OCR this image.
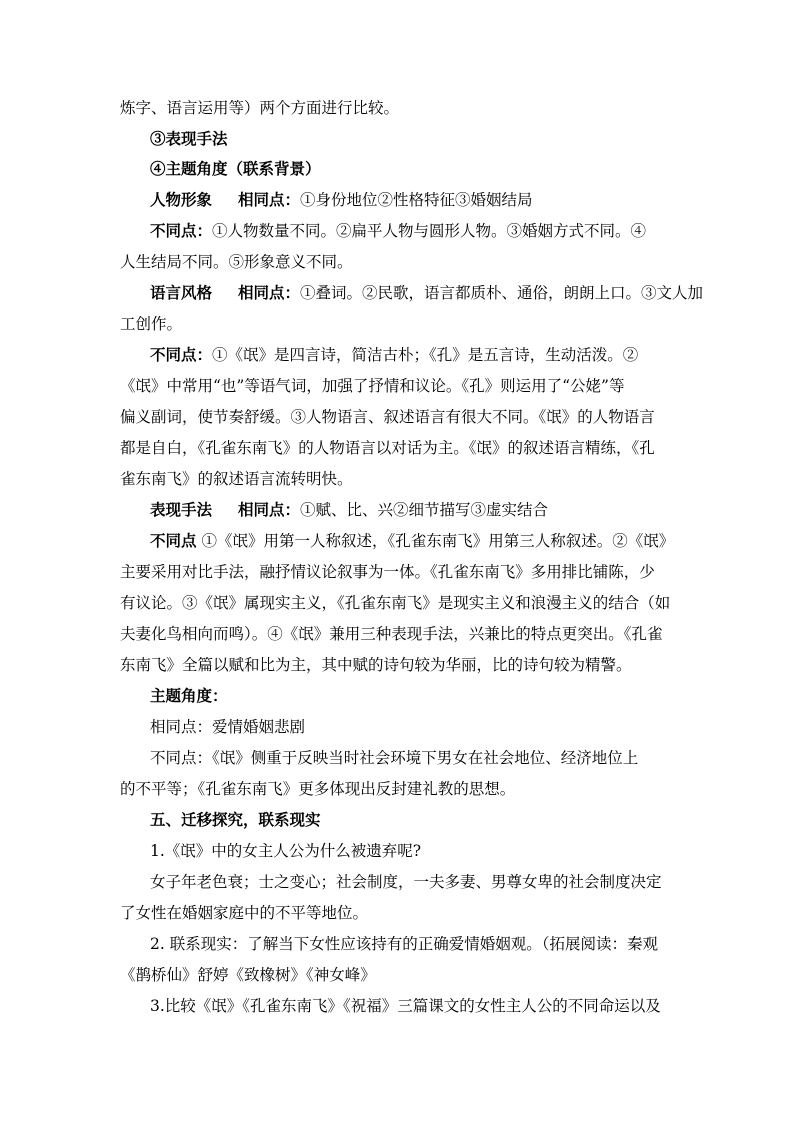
炼字、语言运用等）两个方面进行比较。
③表现手法
④主题角度（联系背景）
人物形象 相同点：①身份地位②性格特征③婚姻结局
不同点：①人物数量不同。②扁平人物与圆形人物。③婚姻方式不同。④
人生结局不同。⑤形象意义不同。
语言风格 相同点：①叠词。②民歌，语言都质朴、通俗，朗朗上口。③文人加
工创作。
不同点：①《氓》是四言诗，简洁古朴；《孔》是五言诗，生动活泼。②
《氓》中常用“也”等语气词，加强了抒情和议论。《孔》则运用了“公姥”等
偏义副词，使节奏舒缓。③人物语言、叙述语言有很大不同。《氓》的人物语言
都是自白，《孔雀东南飞》的人物语言以对话为主。《氓》的叙述语言精练，《孔
雀东南飞》的叙述语言流转明快。
表现手法 相同点：①赋、比、兴②细节描写③虚实结合
不同点 ①《氓》用第一人称叙述，《孔雀东南飞》用第三人称叙述。②《氓》
主要采用对比手法，融抒情议论叙事为一体。《孔雀东南飞》多用排比铺陈，少
有议论。③《氓》属现实主义，《孔雀东南飞》是现实主义和浪漫主义的结合（如
夫妻化鸟相向而鸣）。④《氓》兼用三种表现手法，兴兼比的特点更突出。《孔雀
东南飞》全篇以赋和比为主，其中赋的诗句较为华丽，比的诗句较为精警。
主题角度：
相同点：爱情婚姻悲剧
不同点：《氓》侧重于反映当时社会环境下男女在社会地位、经济地位上
的不平等；《孔雀东南飞》更多体现出反封建礼教的思想。
五、迁移探究，联系现实
1.《氓》中的女主人公为什么被遗弃呢?
女子年老色衰；士之变心；社会制度，一夫多妻、男尊女卑的社会制度决定
了女性在婚姻家庭中的不平等地位。
2. 联系现实：了解当下女性应该持有的正确爱情婚姻观。（拓展阅读：秦观
《鹊桥仙》舒婷《致橡树》《神女峰》
3.比较《氓》《孔雀东南飞》《祝福》三篇课文的女性主人公的不同命运以及
